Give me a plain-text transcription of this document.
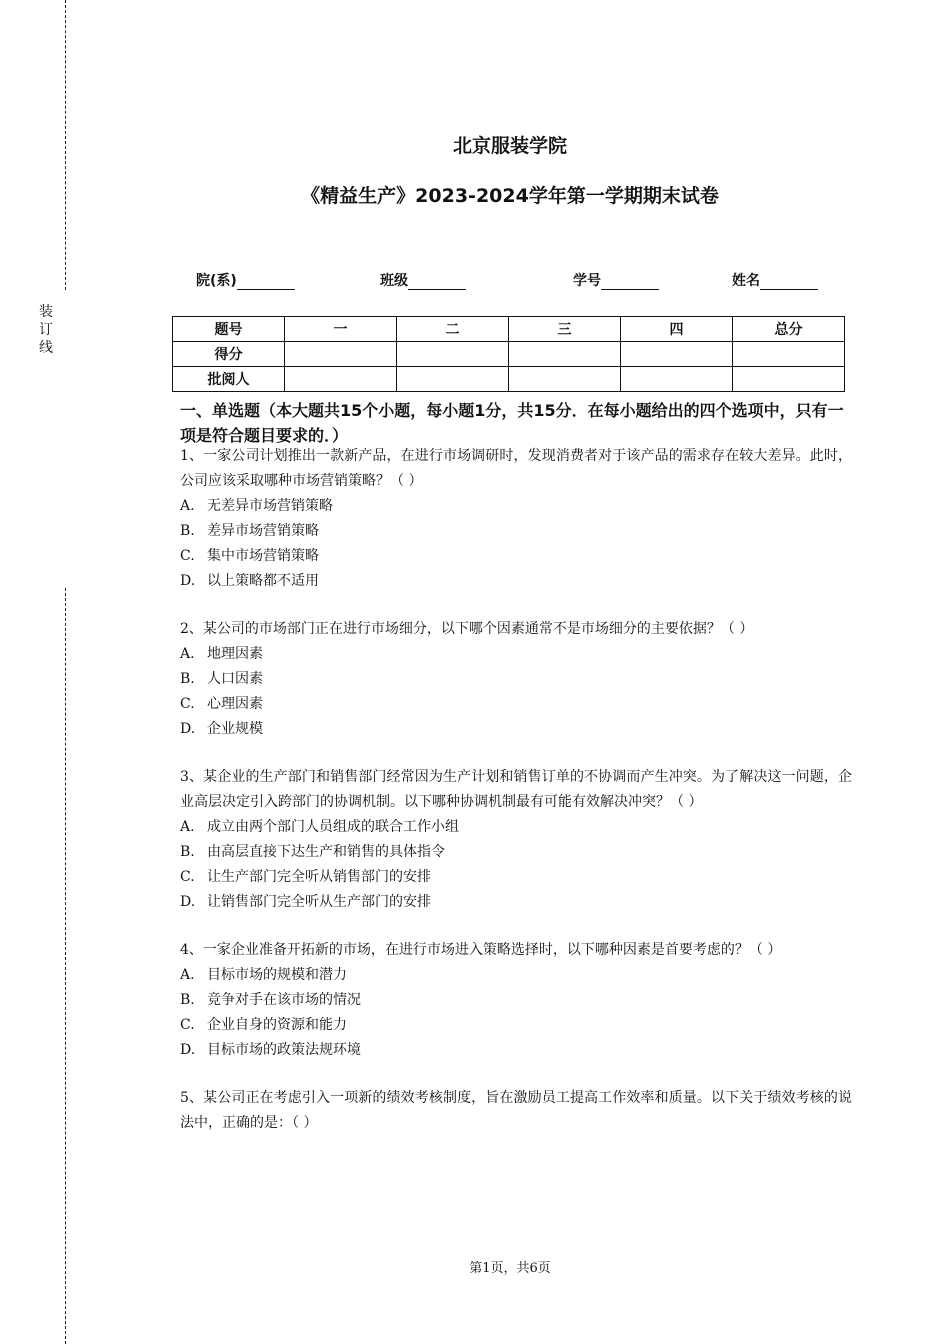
装订线
北京服装学院
《精益生产》2023-2024学年第一学期期末试卷
院(系)	班级	学号	姓名
题号	一	二	三	四	总分
得分					
批阅人					
一、单选题（本大题共15个小题，每小题1分，共15分．在每小题给出的四个选项中，只有一项是符合题目要求的．）
1、一家公司计划推出一款新产品，在进行市场调研时，发现消费者对于该产品的需求存在较大差异。此时，公司应该采取哪种市场营销策略？（ ）
A. 无差异市场营销策略
B. 差异市场营销策略
C. 集中市场营销策略
D. 以上策略都不适用
2、某公司的市场部门正在进行市场细分，以下哪个因素通常不是市场细分的主要依据？（ ）
A. 地理因素
B. 人口因素
C. 心理因素
D. 企业规模
3、某企业的生产部门和销售部门经常因为生产计划和销售订单的不协调而产生冲突。为了解决这一问题，企业高层决定引入跨部门的协调机制。以下哪种协调机制最有可能有效解决冲突？（ ）
A. 成立由两个部门人员组成的联合工作小组
B. 由高层直接下达生产和销售的具体指令
C. 让生产部门完全听从销售部门的安排
D. 让销售部门完全听从生产部门的安排
4、一家企业准备开拓新的市场，在进行市场进入策略选择时，以下哪种因素是首要考虑的？（ ）
A. 目标市场的规模和潜力
B. 竞争对手在该市场的情况
C. 企业自身的资源和能力
D. 目标市场的政策法规环境
5、某公司正在考虑引入一项新的绩效考核制度，旨在激励员工提高工作效率和质量。以下关于绩效考核的说法中，正确的是：（ ）
第1页，共6页
